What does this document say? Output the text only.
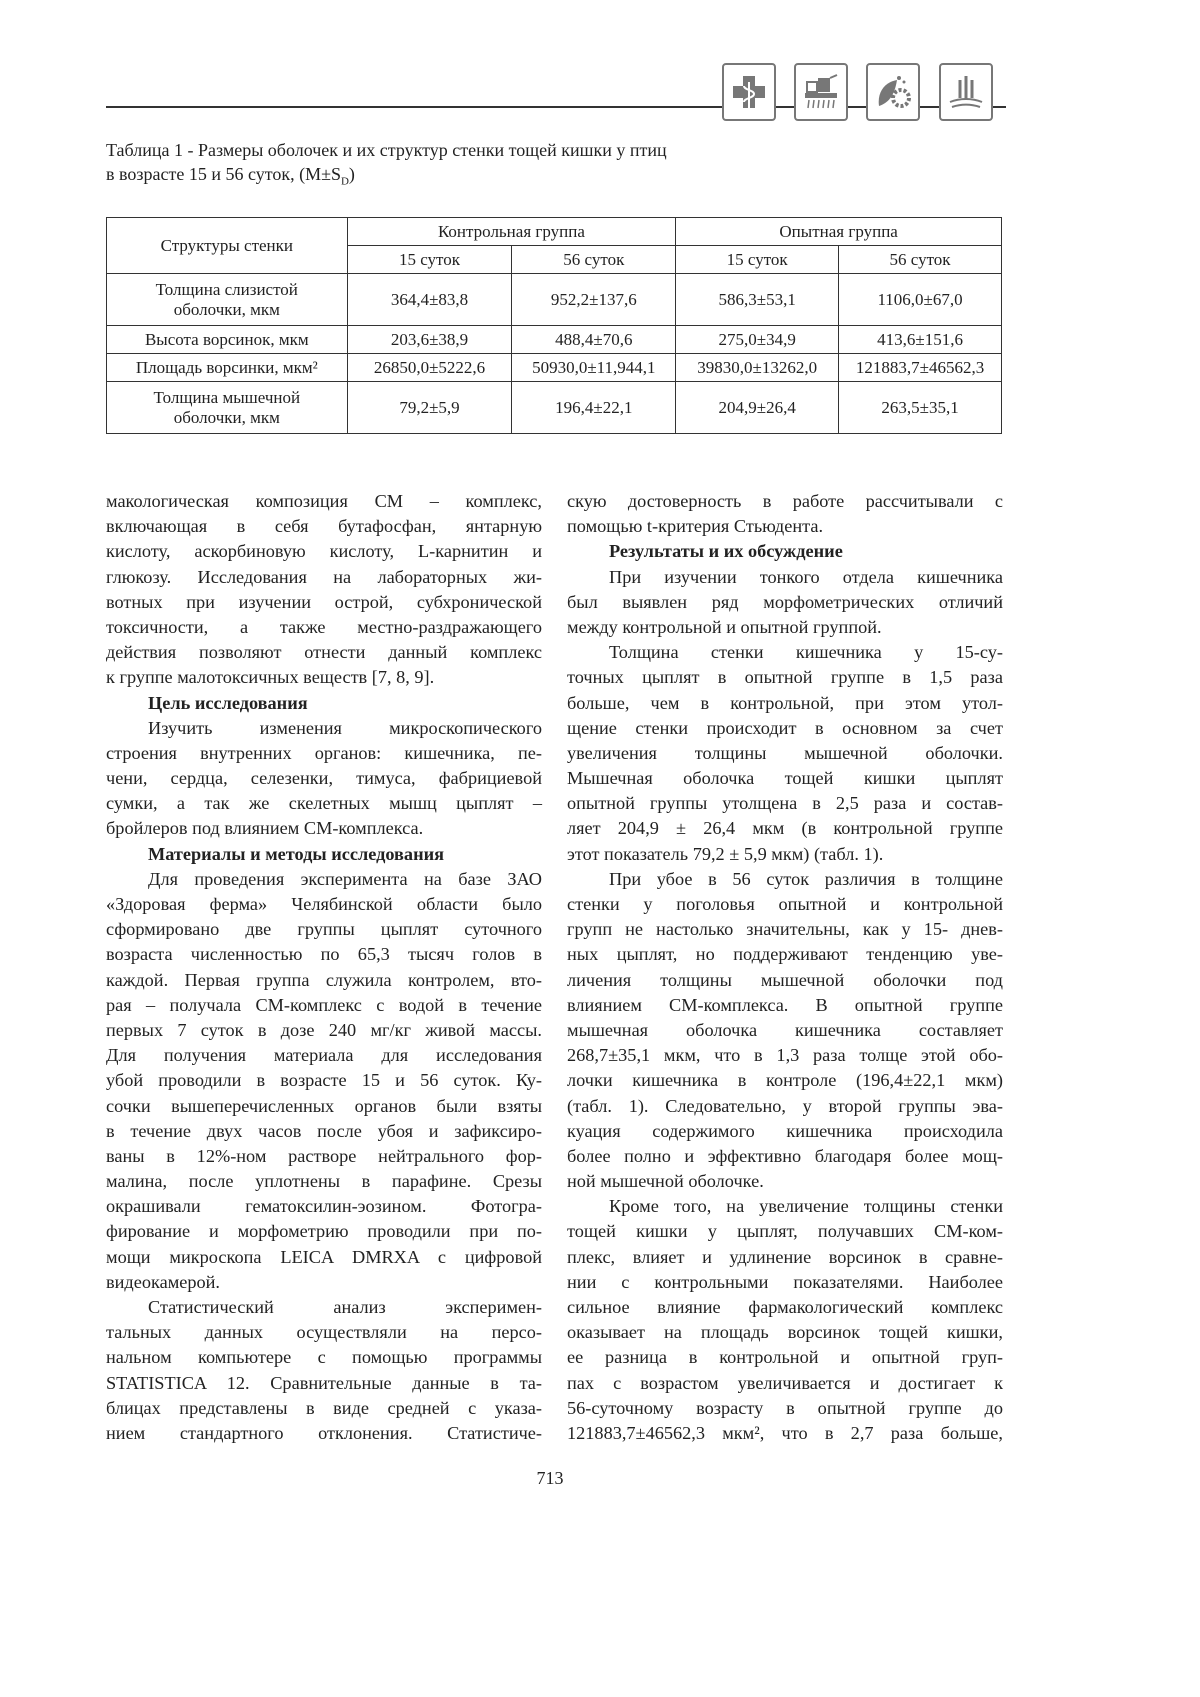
Таблица 1 - Размеры оболочек и их структур стенки тощей кишки у птиц
в возрасте 15 и 56 суток, $(M\pm S_D)$
Структуры стенки	Контрольная группа		Опытная группа	
	15 суток	56 суток	15 суток	56 суток
Толщина слизистой оболочки, мкм	364,4±83,8	952,2±137,6	586,3±53,1	1106,0±67,0
Высота ворсинок, мкм	203,6±38,9	488,4±70,6	275,0±34,9	413,6±151,6
Площадь ворсинки, мкм²	26850,0±5222,6	50930,0±11,944,1	39830,0±13262,0	121883,7±46562,3
Толщина мышечной оболочки, мкм	79,2±5,9	196,4±22,1	204,9±26,4	263,5±35,1
макологическая композиция СМ – комплекс,
включающая в себя бутафосфан, янтарную
кислоту, аскорбиновую кислоту, L-карнитин и
глюкозу. Исследования на лабораторных жи-
вотных при изучении острой, субхронической
токсичности, а также местно-раздражающего
действия позволяют отнести данный комплекс
к группе малотоксичных веществ [7, 8, 9].
Цель исследования
Изучить изменения микроскопического
строения внутренних органов: кишечника, пе-
чени, сердца, селезенки, тимуса, фабрициевой
сумки, а так же скелетных мышц цыплят –
бройлеров под влиянием СМ-комплекса.
Материалы и методы исследования
Для проведения эксперимента на базе ЗАО
«Здоровая ферма» Челябинской области было
сформировано две группы цыплят суточного
возраста численностью по 65,3 тысяч голов в
каждой. Первая группа служила контролем, вто-
рая – получала СМ-комплекс с водой в течение
первых 7 суток в дозе 240 мг/кг живой массы.
Для получения материала для исследования
убой проводили в возрасте 15 и 56 суток. Ку-
сочки вышеперечисленных органов были взяты
в течение двух часов после убоя и зафиксиро-
ваны в 12%-ном растворе нейтрального фор-
малина, после уплотнены в парафине. Срезы
окрашивали гематоксилин-эозином. Фотогра-
фирование и морфометрию проводили при по-
мощи микроскопа LEICA DMRXA с цифровой
видеокамерой.
Статистический анализ эксперимен-
тальных данных осуществляли на персо-
нальном компьютере с помощью программы
STATISTICA 12. Сравнительные данные в та-
блицах представлены в виде средней с указа-
нием стандартного отклонения. Статистиче-
скую достоверность в работе рассчитывали с
помощью t-критерия Стьюдента.
Результаты и их обсуждение
При изучении тонкого отдела кишечника
был выявлен ряд морфометрических отличий
между контрольной и опытной группой.
Толщина стенки кишечника у 15-су-
точных цыплят в опытной группе в 1,5 раза
больше, чем в контрольной, при этом утол-
щение стенки происходит в основном за счет
увеличения толщины мышечной оболочки.
Мышечная оболочка тощей кишки цыплят
опытной группы утолщена в 2,5 раза и состав-
ляет 204,9 ± 26,4 мкм (в контрольной группе
этот показатель 79,2 ± 5,9 мкм) (табл. 1).
При убое в 56 суток различия в толщине
стенки у поголовья опытной и контрольной
групп не настолько значительны, как у 15- днев-
ных цыплят, но поддерживают тенденцию уве-
личения толщины мышечной оболочки под
влиянием СМ-комплекса. В опытной группе
мышечная оболочка кишечника составляет
268,7±35,1 мкм, что в 1,3 раза толще этой обо-
лочки кишечника в контроле (196,4±22,1 мкм)
(табл. 1). Следовательно, у второй группы эва-
куация содержимого кишечника происходила
более полно и эффективно благодаря более мощ-
ной мышечной оболочке.
Кроме того, на увеличение толщины стенки
тощей кишки у цыплят, получавших СМ-ком-
плекс, влияет и удлинение ворсинок в сравне-
нии с контрольными показателями. Наиболее
сильное влияние фармакологический комплекс
оказывает на площадь ворсинок тощей кишки,
ее разница в контрольной и опытной груп-
пах с возрастом увеличивается и достигает к
56-суточному возрасту в опытной группе до
121883,7±46562,3 мкм², что в 2,7 раза больше,
713
